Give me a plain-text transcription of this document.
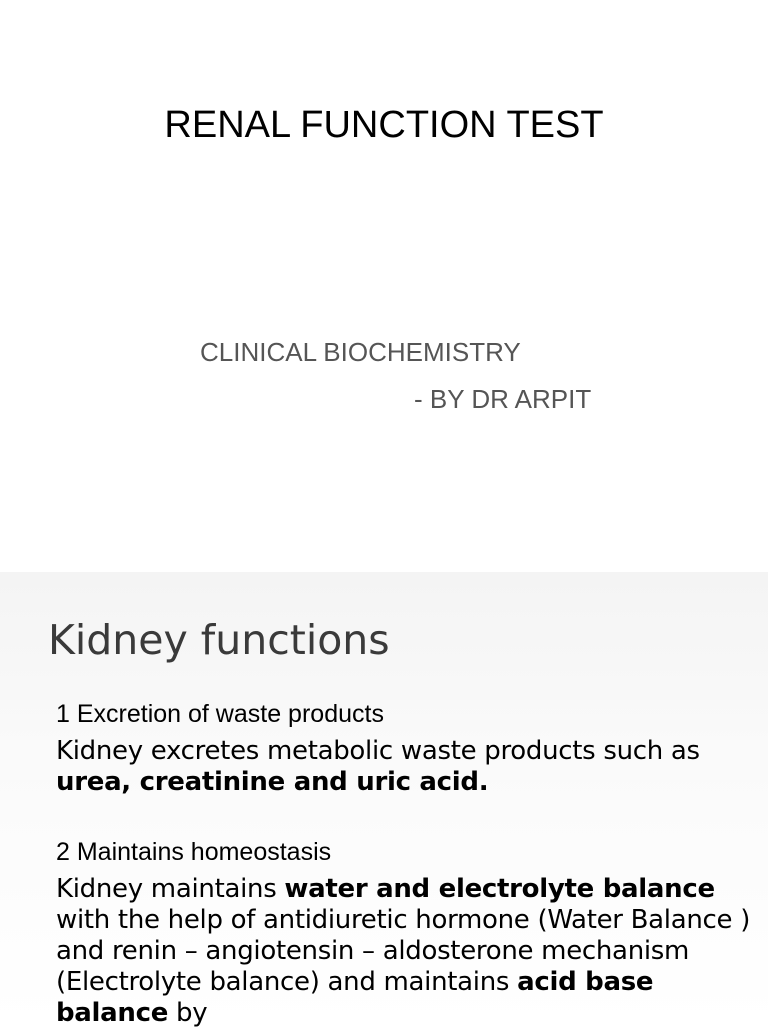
RENAL FUNCTION TEST
CLINICAL BIOCHEMISTRY
- BY DR ARPIT
Kidney functions
1 Excretion of waste products
Kidney excretes metabolic waste products such as urea, creatinine and uric acid.
2 Maintains homeostasis
Kidney maintains water and electrolyte balance with the help of antidiuretic hormone (Water Balance ) and renin – angiotensin – aldosterone mechanism (Electrolyte balance) and maintains acid base balance by
